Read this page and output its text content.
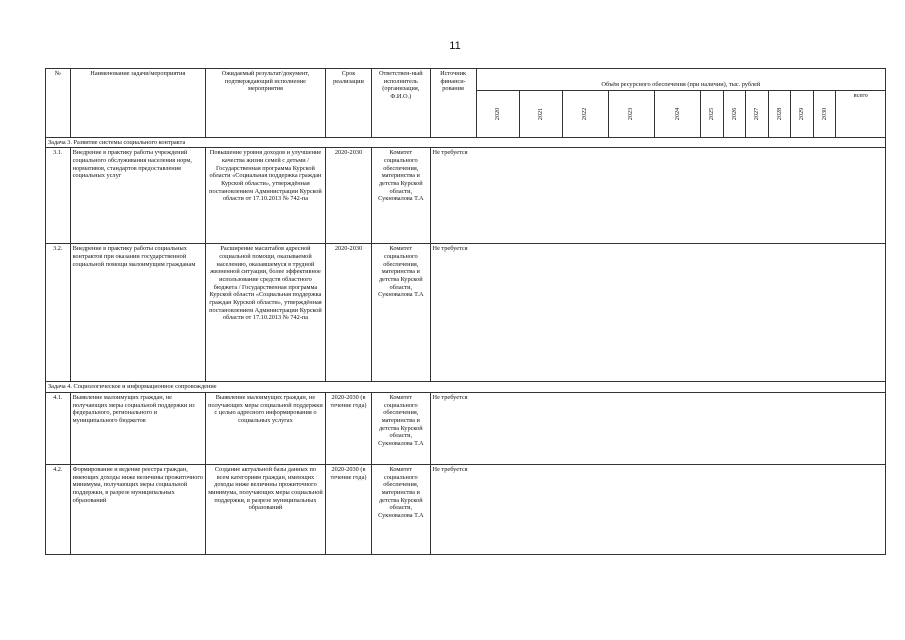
11
№	Наименование задачи/мероприятия	Ожидаемый результат/документ, подтверждающий исполнение мероприятия	Срок реализации	Ответствен-ный исполнитель (организация, Ф.И.О.)	Источник финанси-рования	Объём ресурсного обеспечения (при наличии), тыс. рублей											

						2020	2021	2022	2023	2024	2025	2026	2027	2028	2029	2030	всего
Задача 3. Развитие системы социального контракта																	
3.1.	Внедрение в практику работы учреждений социального обслуживания населения норм, нормативов, стандартов предоставления социальных услуг	Повышение уровня доходов и улучшение качества жизни семей с детьми / Государственная программа Курской области «Социальная поддержка граждан Курской области», утверждённая постановлением Администрации Курской области от 17.10.2013 № 742-па	2020-2030	Комитет социального обеспечения, материнства и детства Курской области, Сукновалова Т.А	Не требуется												
3.2.	Внедрение в практику работы социальных контрактов при оказании государственной социальной помощи малоимущим гражданам	Расширение масштабов адресной социальной помощи, оказываемой населению, оказавшемуся в трудной жизненной ситуации, более эффективное использование средств областного бюджета / Государственная программа Курской области «Социальная поддержка граждан Курской области», утверждённая постановлением Администрации Курской области от 17.10.2013 № 742-па	2020-2030	Комитет социального обеспечения, материнства и детства Курской области, Сукновалова Т.А	Не требуется												
Задача 4. Социологическое и информационное сопровождение																	
4.1.	Выявление малоимущих граждан, не получающих меры социальной поддержки из федерального, регионального и муниципального бюджетов	Выявление малоимущих граждан, не получающих меры социальной поддержки с целью адресного информирования о социальных услугах	2020-2030 (в течение года)	Комитет социального обеспечения, материнства и детства Курской области, Сукновалова Т.А	Не требуется												
4.2.	Формирование и ведение реестра граждан, имеющих доходы ниже величины прожиточного минимума, получающих меры социальной поддержки, в разрезе муниципальных образований	Создание актуальной базы данных по всем категориям граждан, имеющих доходы ниже величины прожиточного минимума, получающих меры социальной поддержки, в разрезе муниципальных образований	2020-2030 (в течение года)	Комитет социального обеспечения, материнства и детства Курской области, Сукновалова Т.А	Не требуется												
